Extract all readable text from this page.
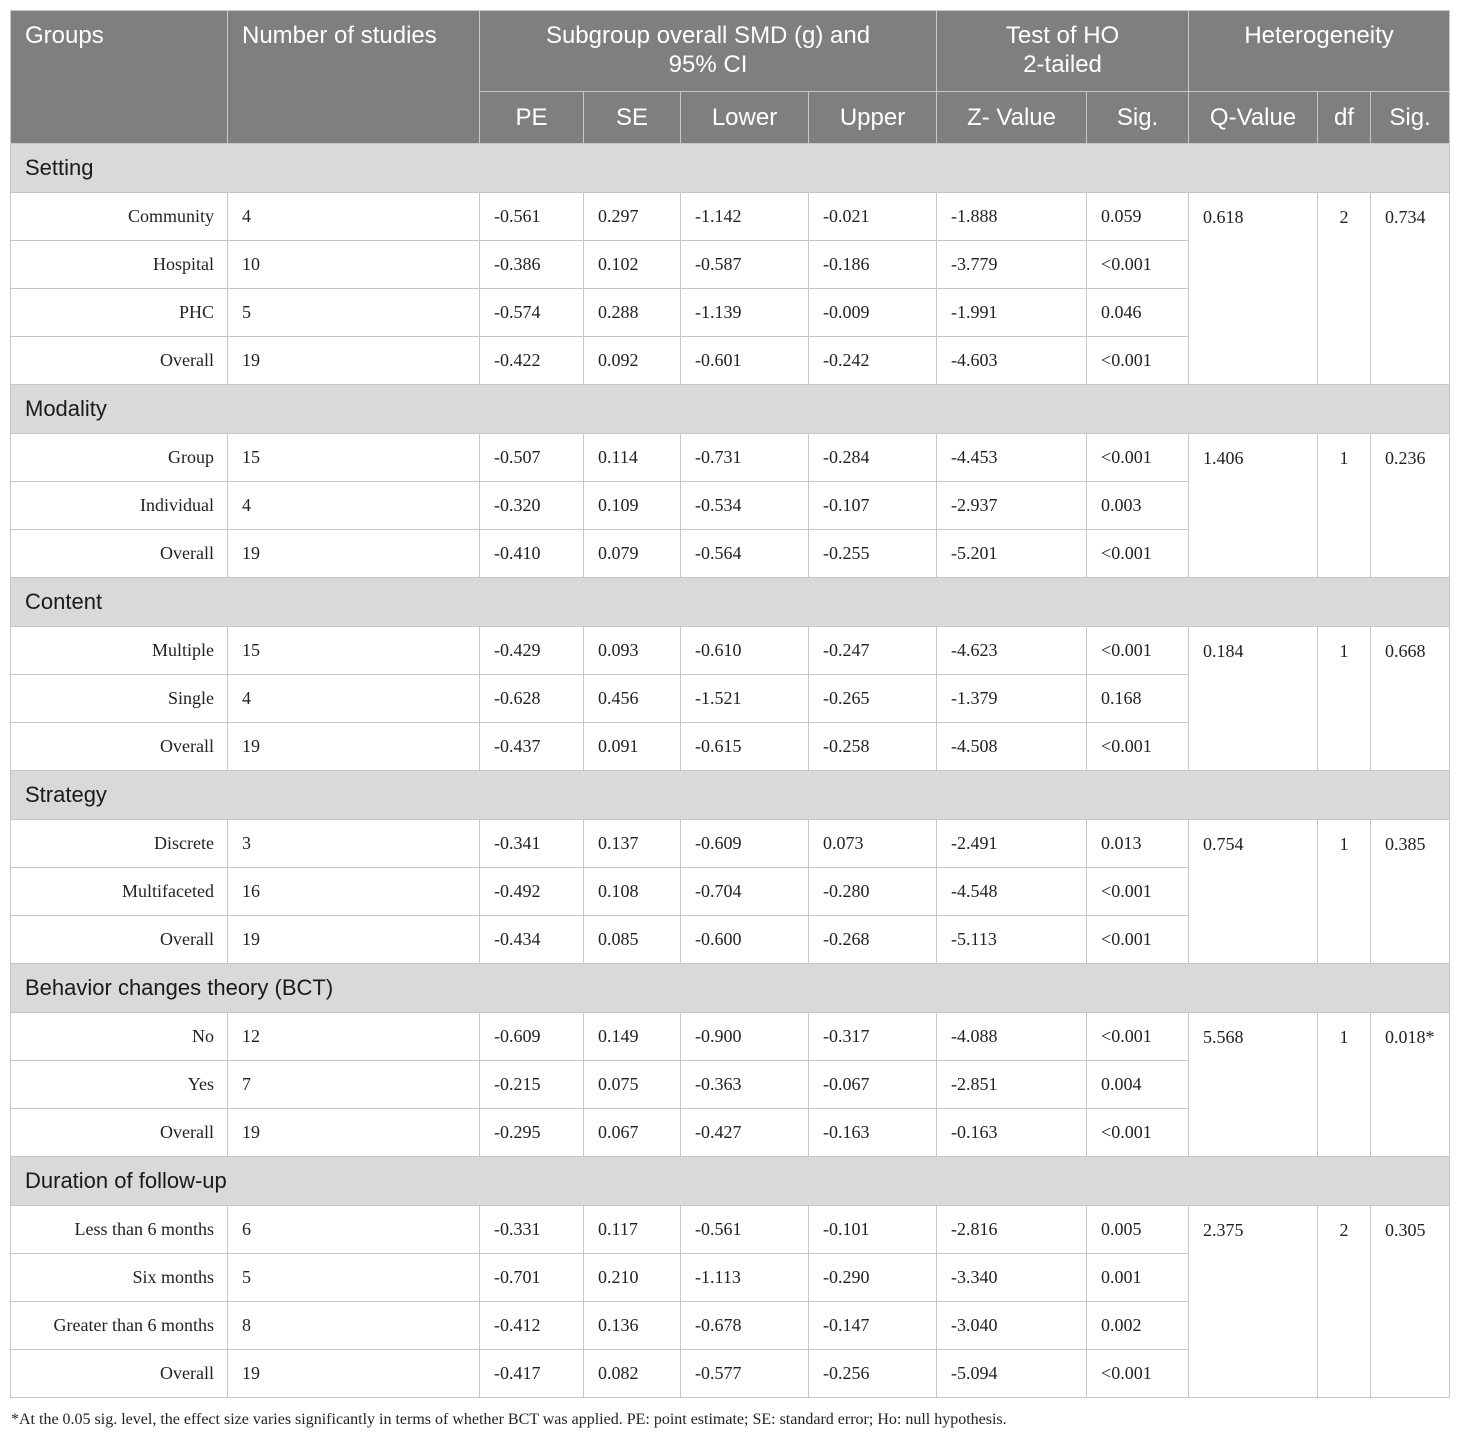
Groups	Number of studies	Subgroup overall SMD (g) and 95% CI				Test of HO 2-tailed		Heterogeneity		
		PE	SE	Lower	Upper	Z- Value	Sig.	Q-Value	df	Sig.
Setting										
Community	4	-0.561	0.297	-1.142	-0.021	-1.888	0.059	0.618	2	0.734
Hospital	10	-0.386	0.102	-0.587	-0.186	-3.779	<0.001			
PHC	5	-0.574	0.288	-1.139	-0.009	-1.991	0.046			
Overall	19	-0.422	0.092	-0.601	-0.242	-4.603	<0.001			
Modality										
Group	15	-0.507	0.114	-0.731	-0.284	-4.453	<0.001	1.406	1	0.236
Individual	4	-0.320	0.109	-0.534	-0.107	-2.937	0.003			
Overall	19	-0.410	0.079	-0.564	-0.255	-5.201	<0.001			
Content										
Multiple	15	-0.429	0.093	-0.610	-0.247	-4.623	<0.001	0.184	1	0.668
Single	4	-0.628	0.456	-1.521	-0.265	-1.379	0.168			
Overall	19	-0.437	0.091	-0.615	-0.258	-4.508	<0.001			
Strategy										
Discrete	3	-0.341	0.137	-0.609	0.073	-2.491	0.013	0.754	1	0.385
Multifaceted	16	-0.492	0.108	-0.704	-0.280	-4.548	<0.001			
Overall	19	-0.434	0.085	-0.600	-0.268	-5.113	<0.001			
Behavior changes theory (BCT)										
No	12	-0.609	0.149	-0.900	-0.317	-4.088	<0.001	5.568	1	0.018*
Yes	7	-0.215	0.075	-0.363	-0.067	-2.851	0.004			
Overall	19	-0.295	0.067	-0.427	-0.163	-0.163	<0.001			
Duration of follow-up										
Less than 6 months	6	-0.331	0.117	-0.561	-0.101	-2.816	0.005	2.375	2	0.305
Six months	5	-0.701	0.210	-1.113	-0.290	-3.340	0.001			
Greater than 6 months	8	-0.412	0.136	-0.678	-0.147	-3.040	0.002			
Overall	19	-0.417	0.082	-0.577	-0.256	-5.094	<0.001			
*At the 0.05 sig. level, the effect size varies significantly in terms of whether BCT was applied. PE: point estimate; SE: standard error; Ho: null hypothesis.
